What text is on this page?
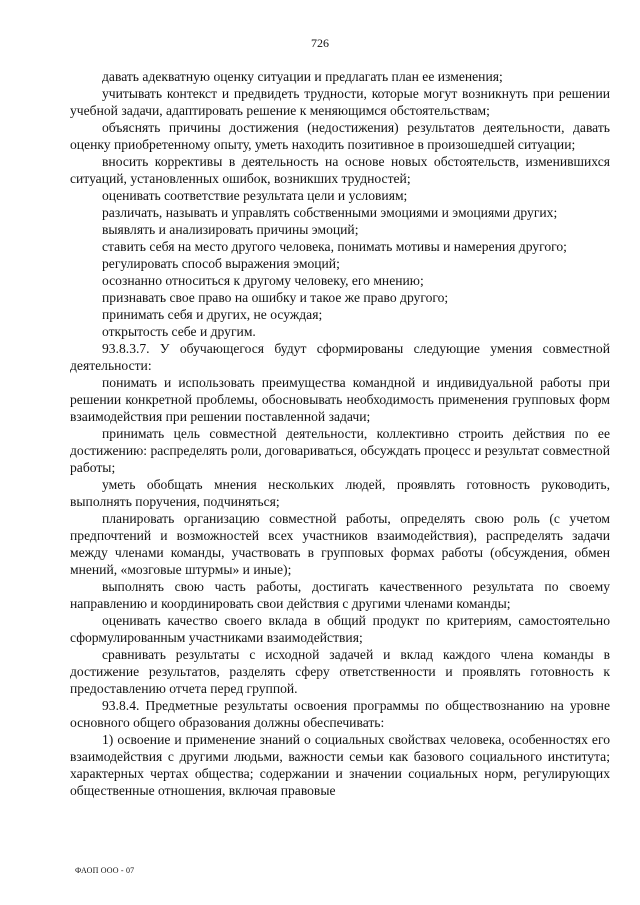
726

давать адекватную оценку ситуации и предлагать план ее изменения;

учитывать контекст и предвидеть трудности, которые могут возникнуть при решении учебной задачи, адаптировать решение к меняющимся обстоятельствам;

объяснять причины достижения (недостижения) результатов деятельности, давать оценку приобретенному опыту, уметь находить позитивное в произошедшей ситуации;

вносить коррективы в деятельность на основе новых обстоятельств, изменившихся ситуаций, установленных ошибок, возникших трудностей;

оценивать соответствие результата цели и условиям;

различать, называть и управлять собственными эмоциями и эмоциями других;

выявлять и анализировать причины эмоций;

ставить себя на место другого человека, понимать мотивы и намерения другого;

регулировать способ выражения эмоций;

осознанно относиться к другому человеку, его мнению;

признавать свое право на ошибку и такое же право другого;

принимать себя и других, не осуждая;

открытость себе и другим.

93.8.3.7. У обучающегося будут сформированы следующие умения совместной деятельности:

понимать и использовать преимущества командной и индивидуальной работы при решении конкретной проблемы, обосновывать необходимость применения групповых форм взаимодействия при решении поставленной задачи;

принимать цель совместной деятельности, коллективно строить действия по ее достижению: распределять роли, договариваться, обсуждать процесс и результат совместной работы;

уметь обобщать мнения нескольких людей, проявлять готовность руководить, выполнять поручения, подчиняться;

планировать организацию совместной работы, определять свою роль (с учетом предпочтений и возможностей всех участников взаимодействия), распределять задачи между членами команды, участвовать в групповых формах работы (обсуждения, обмен мнений, «мозговые штурмы» и иные);

выполнять свою часть работы, достигать качественного результата по своему направлению и координировать свои действия с другими членами команды;

оценивать качество своего вклада в общий продукт по критериям, самостоятельно сформулированным участниками взаимодействия;

сравнивать результаты с исходной задачей и вклад каждого члена команды в достижение результатов, разделять сферу ответственности и проявлять готовность к предоставлению отчета перед группой.

93.8.4. Предметные результаты освоения программы по обществознанию на уровне основного общего образования должны обеспечивать:

1) освоение и применение знаний о социальных свойствах человека, особенностях его взаимодействия с другими людьми, важности семьи как базового социального института; характерных чертах общества; содержании и значении социальных норм, регулирующих общественные отношения, включая правовые

ФАОП ООО - 07
